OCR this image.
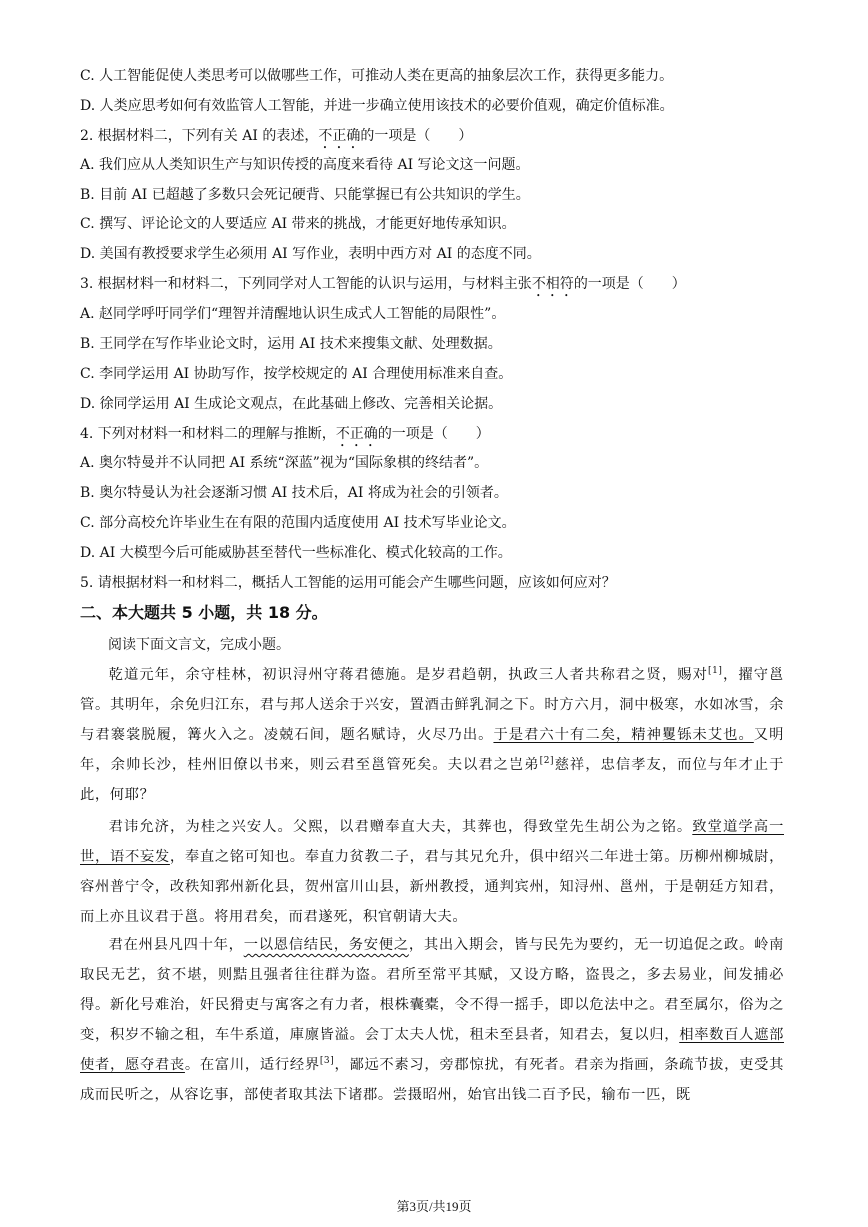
C. 人工智能促使人类思考可以做哪些工作，可推动人类在更高的抽象层次工作，获得更多能力。
D. 人类应思考如何有效监管人工智能，并进一步确立使用该技术的必要价值观，确定价值标准。
2. 根据材料二，下列有关 AI 的表述，不正确的一项是（　　）
A. 我们应从人类知识生产与知识传授的高度来看待 AI 写论文这一问题。
B. 目前 AI 已超越了多数只会死记硬背、只能掌握已有公共知识的学生。
C. 撰写、评论论文的人要适应 AI 带来的挑战，才能更好地传承知识。
D. 美国有教授要求学生必须用 AI 写作业，表明中西方对 AI 的态度不同。
3. 根据材料一和材料二，下列同学对人工智能的认识与运用，与材料主张不相符的一项是（　　）
A. 赵同学呼吁同学们“理智并清醒地认识生成式人工智能的局限性”。
B. 王同学在写作毕业论文时，运用 AI 技术来搜集文献、处理数据。
C. 李同学运用 AI 协助写作，按学校规定的 AI 合理使用标准来自查。
D. 徐同学运用 AI 生成论文观点，在此基础上修改、完善相关论据。
4. 下列对材料一和材料二的理解与推断，不正确的一项是（　　）
A. 奥尔特曼并不认同把 AI 系统“深蓝”视为“国际象棋的终结者”。
B. 奥尔特曼认为社会逐渐习惯 AI 技术后，AI 将成为社会的引领者。
C. 部分高校允许毕业生在有限的范围内适度使用 AI 技术写毕业论文。
D. AI 大模型今后可能威胁甚至替代一些标准化、模式化较高的工作。
5. 请根据材料一和材料二，概括人工智能的运用可能会产生哪些问题，应该如何应对？
二、本大题共 5 小题，共 18 分。
阅读下面文言文，完成小题。
乾道元年，余守桂林，初识浔州守蒋君德施。是岁君趋朝，执政三人者共称君之贤，赐对[1]，擢守邕管。其明年，余免归江东，君与邦人送余于兴安，置酒击鲜乳洞之下。时方六月，洞中极寒，水如冰雪，余与君褰裳脱履，篝火入之。凌兢石间，题名赋诗，火尽乃出。于是君六十有二矣，精神矍铄未艾也。又明年，余帅长沙，桂州旧僚以书来，则云君至邕管死矣。夫以君之岂弟[2]慈祥，忠信孝友，而位与年才止于此，何耶？
君讳允济，为桂之兴安人。父熙，以君赠奉直大夫，其葬也，得致堂先生胡公为之铭。致堂道学高一世，语不妄发，奉直之铭可知也。奉直力贫教二子，君与其兄允升，俱中绍兴二年进士第。历柳州柳城尉，容州普宁令，改秩知郛州新化县，贺州富川山县，新州教授，通判宾州，知浔州、邕州，于是朝廷方知君，而上亦且议君于邕。将用君矣，而君遂死，积官朝请大夫。
君在州县凡四十年，一以恩信结民，务安便之，其出入期会，皆与民先为要约，无一切追促之政。岭南取民无艺，贫不堪，则黠且强者往往群为盗。君所至常平其赋，又设方略，盗畏之，多去易业，间发捕必得。新化号难治，奸民猾吏与寓客之有力者，根株囊橐，令不得一摇手，即以危法中之。君至属尔，俗为之变，积岁不输之租，车牛系道，庫廪皆溢。会丁太夫人忧，租未至县者，知君去，复以归，相率数百人遮部使者，愿夺君丧。在富川，适行经界[3]，鄙远不素习，旁郡惊扰，有死者。君亲为指画，条疏节拔，吏受其成而民听之，从容讫事，部使者取其法下诸郡。尝摄昭州，始官出钱二百予民，输布一匹，既
第3页/共19页
